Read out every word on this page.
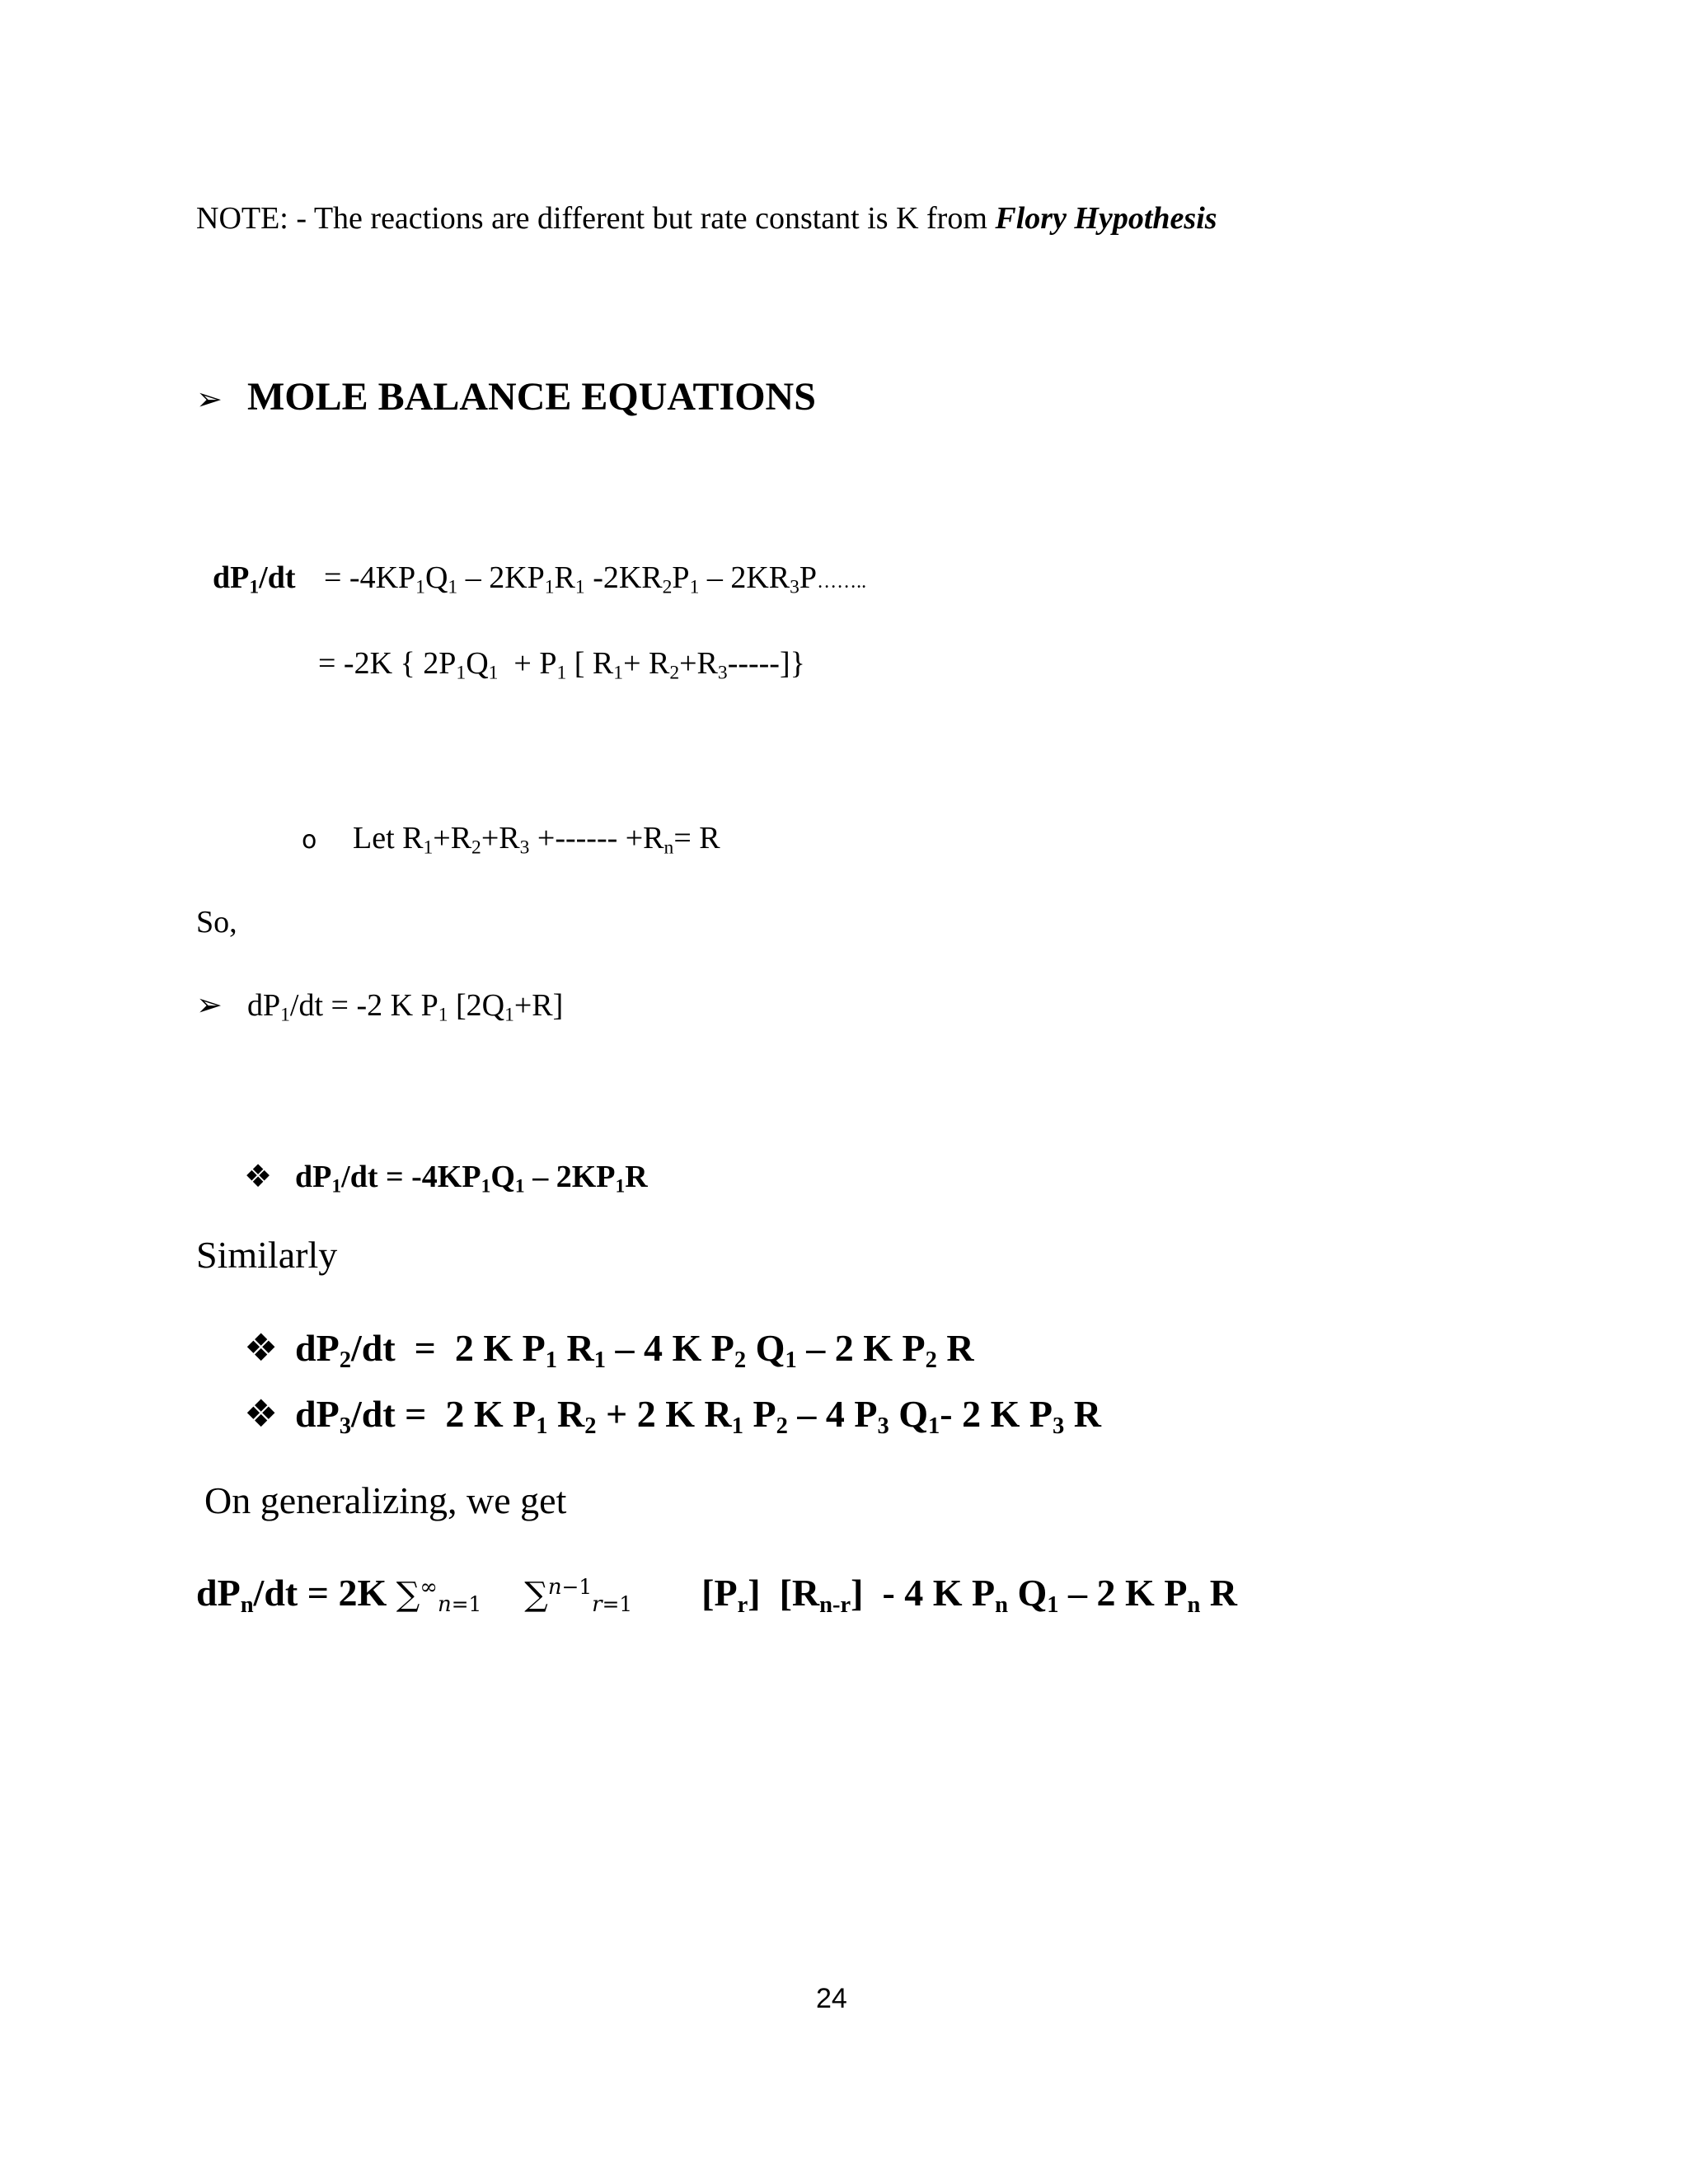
NOTE: - The reactions are different but rate constant is K from Flory Hypothesis
➢ MOLE BALANCE EQUATIONS
$dP_1/dt = -4KP_1Q_1 - 2KP_1R_1$ $-2KR_2P_1$ – $2KR_3P\dots\dots$..
= -2K { $2P_1Q_1 + P_1$ [ $R_1+ R_2+R_3-----$]}
o Let $R_1+R_2+R_3$ +------ $+R_n= R$
So,
➢ $dP_1/dt = -2$ K $P_1$ $[2Q_1+R]$
❖ $dP_1/dt = -4KP_1Q_1 - 2KP_1R$
Similarly
❖ $dP_2/dt = 2$ K $P_1$ $R_1 - 4$ K $P_2$ $Q_1 - 2$ K $P_2$ R
❖ $dP_3/dt = 2$ K $P_1$ $R_2 + 2$ K $R_1$ $P_2 - 4$ $P_3$ $Q_1-$ 2 K $P_3$ R
On generalizing, we get
$dP_n/dt = 2K$ $\sum^\infty_{n=1}$ ∑$^{n-1}_{r=1}$ $[P_r]$  $[R_{n-r}] - 4$ K $P_n$ $Q_1 - 2$ K $P_n$ R
24
